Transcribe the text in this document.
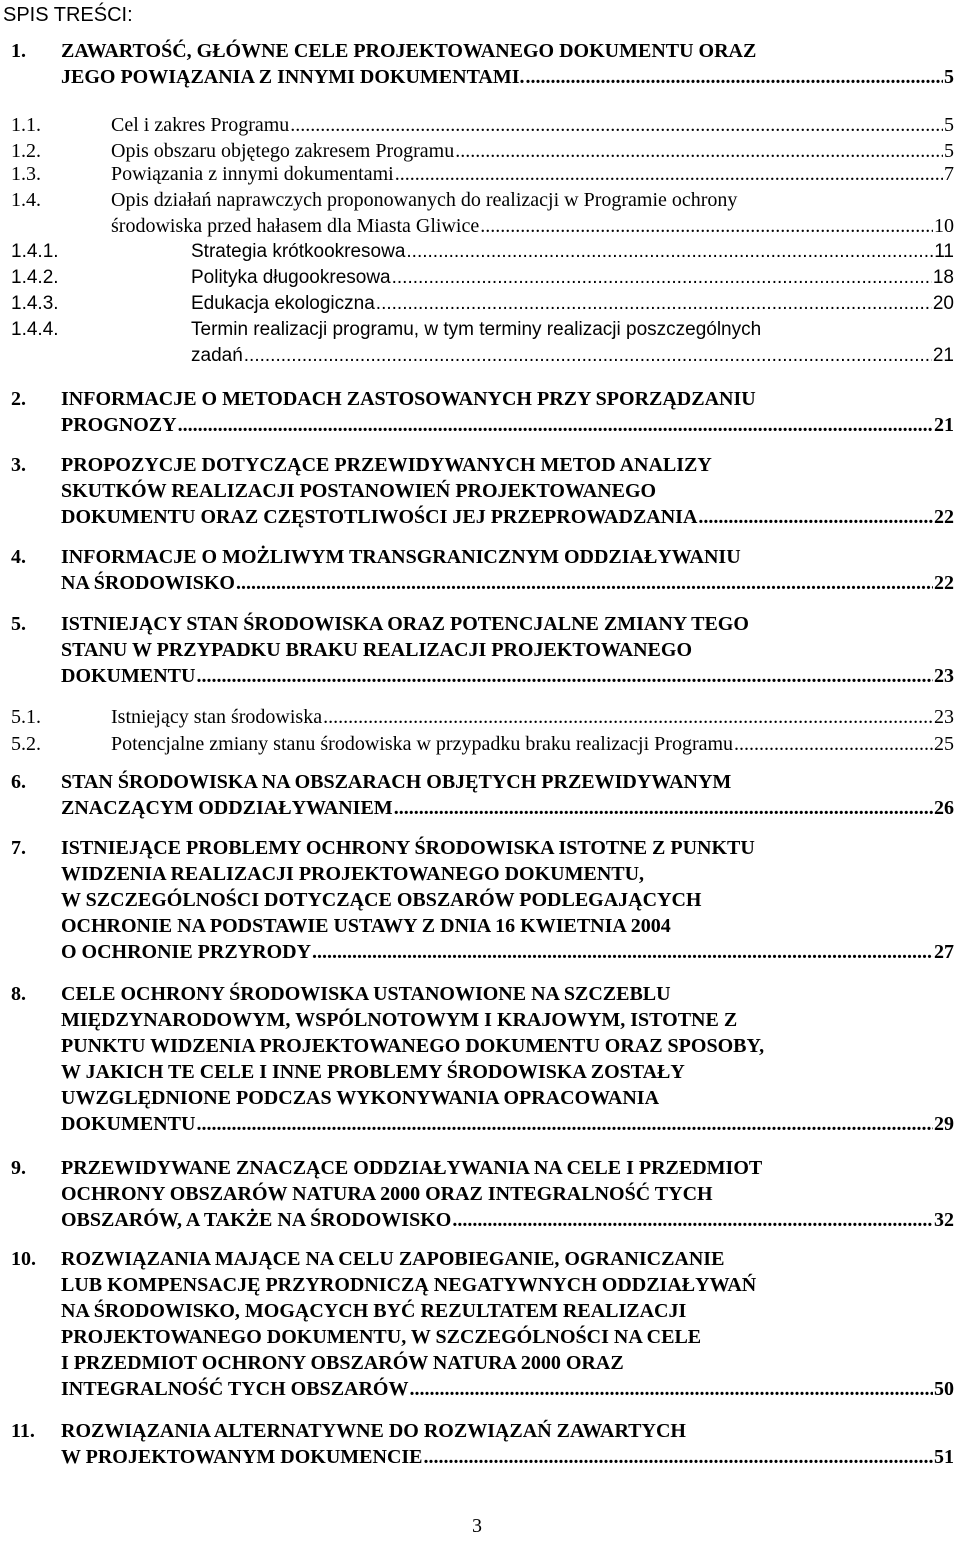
SPIS TREŚCI:
1. ZAWARTOŚĆ, GŁÓWNE CELE PROJEKTOWANEGO DOKUMENTU ORAZ
JEGO POWIĄZANIA Z INNYMI DOKUMENTAMI. .....	5
1.1.	Cel i zakres Programu .....	5
1.2.	Opis obszaru objętego zakresem Programu .....	5
1.3.	Powiązania z innymi dokumentami .....	7
1.4.	Opis działań naprawczych proponowanych do realizacji w Programie ochrony
środowiska przed hałasem dla Miasta Gliwice .....	10
1.4.1.	Strategia krótkookresowa .....	11
1.4.2.	Polityka długookresowa .....	18
1.4.3.	Edukacja ekologiczna .....	20
1.4.4.	Termin realizacji programu, w tym terminy realizacji poszczególnych
zadań .....	21
2. INFORMACJE O METODACH ZASTOSOWANYCH PRZY SPORZĄDZANIU
PROGNOZY .....	21
3. PROPOZYCJE DOTYCZĄCE PRZEWIDYWANYCH METOD ANALIZY
SKUTKÓW REALIZACJI POSTANOWIEŃ PROJEKTOWANEGO
DOKUMENTU ORAZ CZĘSTOTLIWOŚCI JEJ PRZEPROWADZANIA .....	22
4. INFORMACJE O MOŻLIWYM TRANSGRANICZNYM ODDZIAŁYWANIU
NA ŚRODOWISKO .....	22
5. ISTNIEJĄCY STAN ŚRODOWISKA ORAZ POTENCJALNE ZMIANY TEGO
STANU W PRZYPADKU BRAKU REALIZACJI PROJEKTOWANEGO
DOKUMENTU .....	23
5.1.	Istniejący stan środowiska .....	23
5.2.	Potencjalne zmiany stanu środowiska w przypadku braku realizacji Programu .....	25
6. STAN ŚRODOWISKA NA OBSZARACH OBJĘTYCH PRZEWIDYWANYM
ZNACZĄCYM ODDZIAŁYWANIEM .....	26
7. ISTNIEJĄCE PROBLEMY OCHRONY ŚRODOWISKA ISTOTNE Z PUNKTU
WIDZENIA REALIZACJI PROJEKTOWANEGO DOKUMENTU,
W SZCZEGÓLNOŚCI DOTYCZĄCE OBSZARÓW PODLEGAJĄCYCH
OCHRONIE NA PODSTAWIE USTAWY Z DNIA 16 KWIETNIA 2004
O OCHRONIE PRZYRODY .....	27
8. CELE OCHRONY ŚRODOWISKA USTANOWIONE NA SZCZEBLU
MIĘDZYNARODOWYM, WSPÓLNOTOWYM I KRAJOWYM, ISTOTNE Z
PUNKTU WIDZENIA PROJEKTOWANEGO DOKUMENTU ORAZ SPOSOBY,
W JAKICH TE CELE I INNE PROBLEMY ŚRODOWISKA ZOSTAŁY
UWZGLĘDNIONE PODCZAS WYKONYWANIA OPRACOWANIA
DOKUMENTU .....	29
9. PRZEWIDYWANE ZNACZĄCE ODDZIAŁYWANIA NA CELE I PRZEDMIOT
OCHRONY OBSZARÓW NATURA 2000 ORAZ INTEGRALNOŚĆ TYCH
OBSZARÓW, A TAKŻE NA ŚRODOWISKO .....	32
10. ROZWIĄZANIA MAJĄCE NA CELU ZAPOBIEGANIE, OGRANICZANIE
LUB KOMPENSACJĘ PRZYRODNICZĄ NEGATYWNYCH ODDZIAŁYWAŃ
NA ŚRODOWISKO, MOGĄCYCH BYĆ REZULTATEM REALIZACJI
PROJEKTOWANEGO DOKUMENTU, W SZCZEGÓLNOŚCI NA CELE
I PRZEDMIOT OCHRONY OBSZARÓW NATURA 2000 ORAZ
INTEGRALNOŚĆ TYCH OBSZARÓW .....	50
11. ROZWIĄZANIA ALTERNATYWNE DO ROZWIĄZAŃ ZAWARTYCH
W PROJEKTOWANYM DOKUMENCIE .....	51
3
